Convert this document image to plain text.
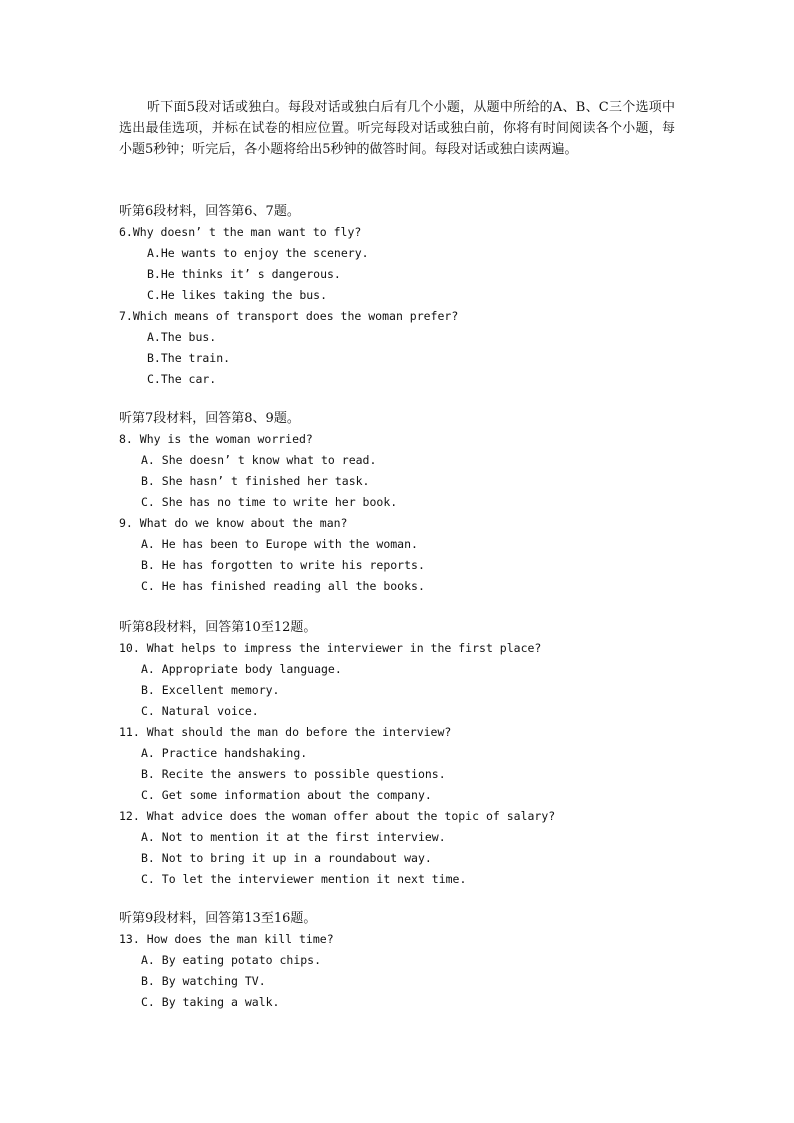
听下面5段对话或独白。每段对话或独白后有几个小题，从题中所给的A、B、C三个选项中选出最佳选项，并标在试卷的相应位置。听完每段对话或独白前，你将有时间阅读各个小题，每小题5秒钟；听完后，各小题将给出5秒钟的做答时间。每段对话或独白读两遍。
听第6段材料，回答第6、7题。
6.Why doesn’ t the man want to fly?
A.He wants to enjoy the scenery.
B.He thinks it’ s dangerous.
C.He likes taking the bus.
7.Which means of transport does the woman prefer?
A.The bus.
B.The train.
C.The car.
听第7段材料，回答第8、9题。
8. Why is the woman worried?
A. She doesn’ t know what to read.
B. She hasn’ t finished her task.
C. She has no time to write her book.
9. What do we know about the man?
A. He has been to Europe with the woman.
B. He has forgotten to write his reports.
C. He has finished reading all the books.
听第8段材料，回答第10至12题。
10. What helps to impress the interviewer in the first place?
A. Appropriate body language.
B. Excellent memory.
C. Natural voice.
11. What should the man do before the interview?
A. Practice handshaking.
B. Recite the answers to possible questions.
C. Get some information about the company.
12. What advice does the woman offer about the topic of salary?
A. Not to mention it at the first interview.
B. Not to bring it up in a roundabout way.
C. To let the interviewer mention it next time.
听第9段材料，回答第13至16题。
13. How does the man kill time?
A. By eating potato chips.
B. By watching TV.
C. By taking a walk.
